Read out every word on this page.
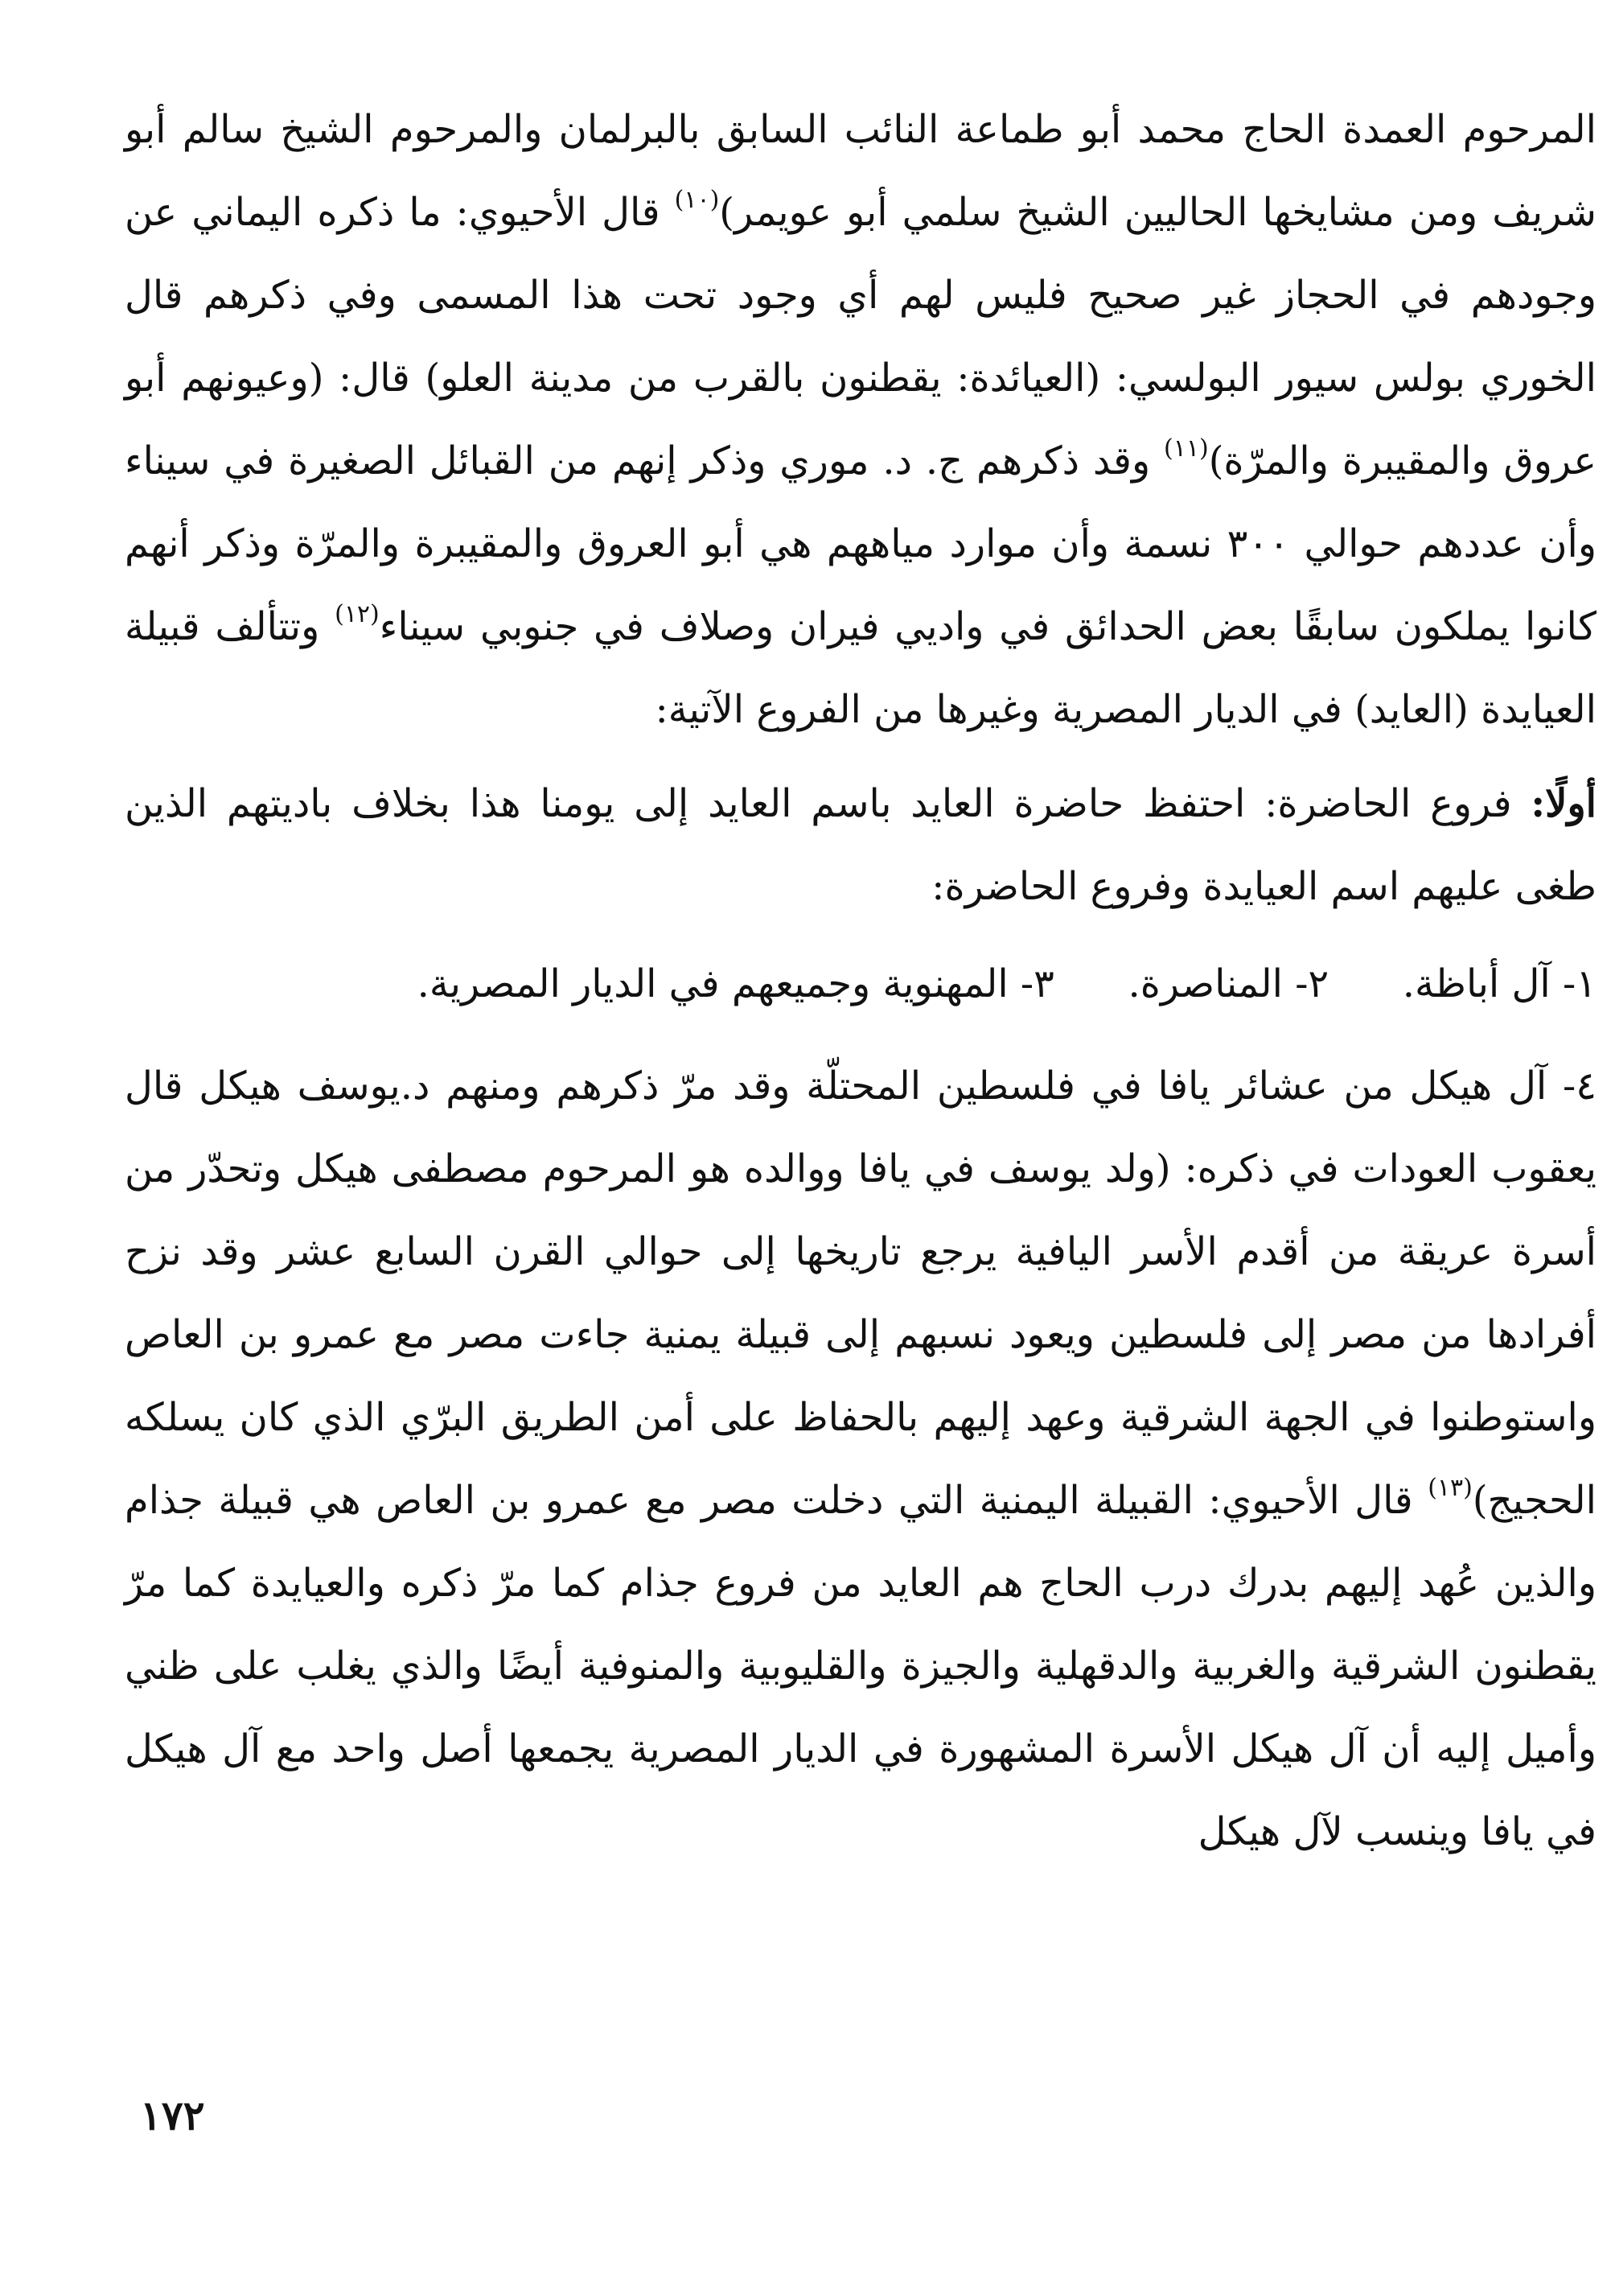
المرحوم العمدة الحاج محمد أبو طماعة النائب السابق بالبرلمان والمرحوم الشيخ سالم أبو شريف ومن مشايخها الحاليين الشيخ سلمي أبو عويمر)$^{(١٠)}$ قال الأحيوي: ما ذكره اليماني عن وجودهم في الحجاز غير صحيح فليس لهم أي وجود تحت هذا المسمى وفي ذكرهم قال الخوري بولس سيور البولسي: (العيائدة: يقطنون بالقرب من مدينة العلو) قال: (وعيونهم أبو عروق والمقيبرة والمرّة)$^{(١١)}$ وقد ذكرهم ج. د. موري وذكر إنهم من القبائل الصغيرة في سيناء وأن عددهم حوالي ٣٠٠ نسمة وأن موارد مياههم هي أبو العروق والمقيبرة والمرّة وذكر أنهم كانوا يملكون سابقًا بعض الحدائق في واديي فيران وصلاف في جنوبي سيناء$^{(١٢)}$ وتتألف قبيلة العيايدة (العايد) في الديار المصرية وغيرها من الفروع الآتية:

أولًا: فروع الحاضرة: احتفظ حاضرة العايد باسم العايد إلى يومنا هذا بخلاف باديتهم الذين طغى عليهم اسم العيايدة وفروع الحاضرة:

١- آل أباظة.      ٢- المناصرة.      ٣- المهنوية وجميعهم في الديار المصرية.

٤- آل هيكل من عشائر يافا في فلسطين المحتلّة وقد مرّ ذكرهم ومنهم د.يوسف هيكل قال يعقوب العودات في ذكره: (ولد يوسف في يافا ووالده هو المرحوم مصطفى هيكل وتحدّر من أسرة عريقة من أقدم الأسر اليافية يرجع تاريخها إلى حوالي القرن السابع عشر وقد نزح أفرادها من مصر إلى فلسطين ويعود نسبهم إلى قبيلة يمنية جاءت مصر مع عمرو بن العاص واستوطنوا في الجهة الشرقية وعهد إليهم بالحفاظ على أمن الطريق البرّي الذي كان يسلكه الحجيج)$^{(١٣)}$ قال الأحيوي: القبيلة اليمنية التي دخلت مصر مع عمرو بن العاص هي قبيلة جذام والذين عُهد إليهم بدرك درب الحاج هم العايد من فروع جذام كما مرّ ذكره والعيايدة كما مرّ يقطنون الشرقية والغربية والدقهلية والجيزة والقليوبية والمنوفية أيضًا والذي يغلب على ظني وأميل إليه أن آل هيكل الأسرة المشهورة في الديار المصرية يجمعها أصل واحد مع آل هيكل في يافا وينسب لآل هيكل

١٧٢
